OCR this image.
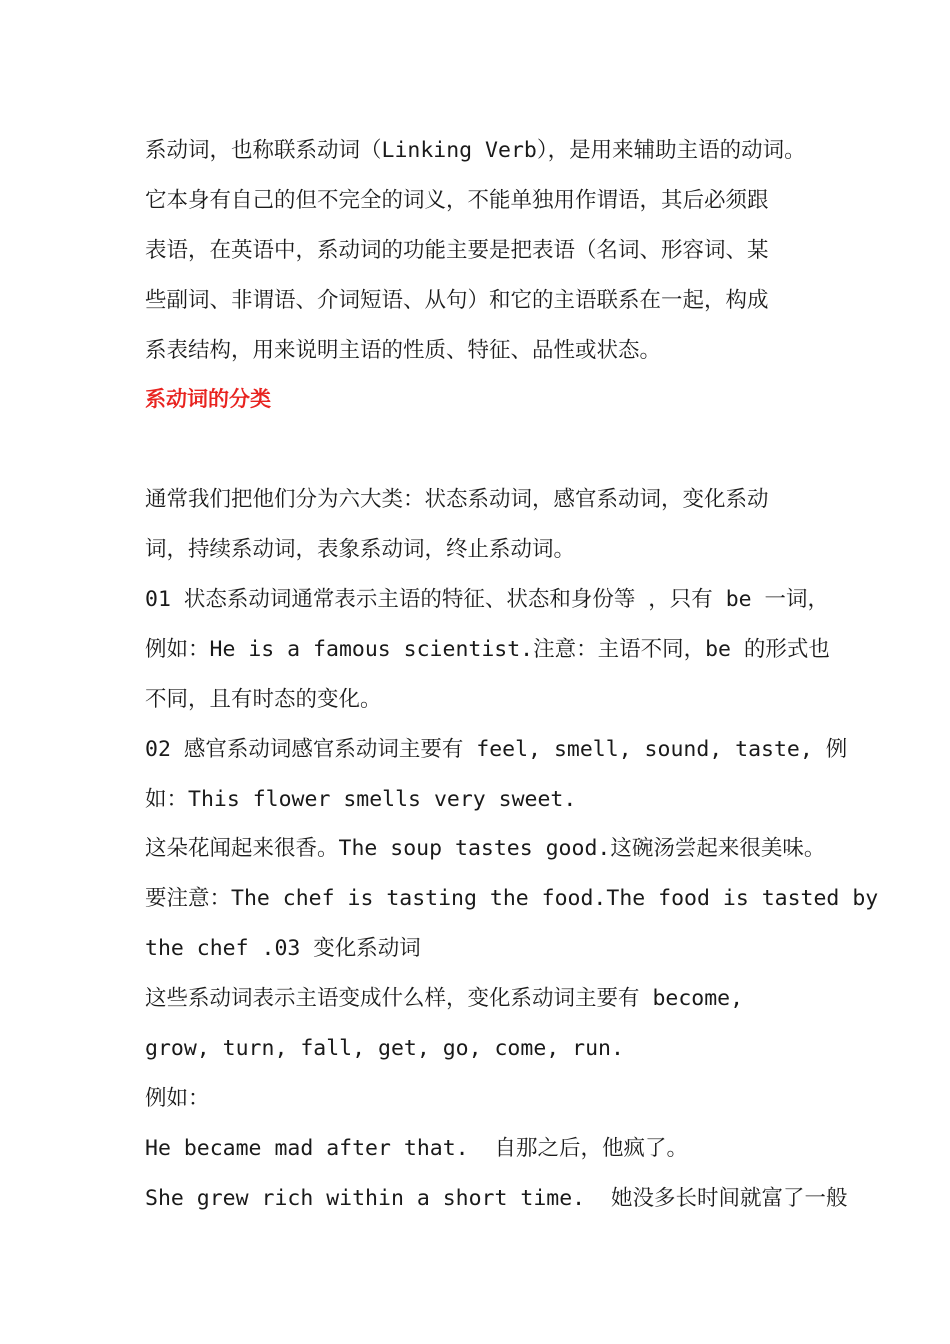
系动词，也称联系动词（Linking Verb），是用来辅助主语的动词。
它本身有自己的但不完全的词义，不能单独用作谓语，其后必须跟
表语，在英语中，系动词的功能主要是把表语（名词、形容词、某
些副词、非谓语、介词短语、从句）和它的主语联系在一起，构成
系表结构，用来说明主语的性质、特征、品性或状态。
系动词的分类
通常我们把他们分为六大类：状态系动词，感官系动词，变化系动
词，持续系动词，表象系动词，终止系动词。
01 状态系动词通常表示主语的特征、状态和身份等 ，只有 be 一词，
例如：He is a famous scientist.注意：主语不同，be 的形式也
不同，且有时态的变化。
02 感官系动词感官系动词主要有 feel, smell, sound, taste, 例
如：This flower smells very sweet.
这朵花闻起来很香。The soup tastes good.这碗汤尝起来很美味。
要注意：The chef is tasting the food.The food is tasted by
the chef .03 变化系动词
这些系动词表示主语变成什么样，变化系动词主要有 become,
grow, turn, fall, get, go, come, run.
例如：
He became mad after that.  自那之后，他疯了。
She grew rich within a short time.  她没多长时间就富了一般
